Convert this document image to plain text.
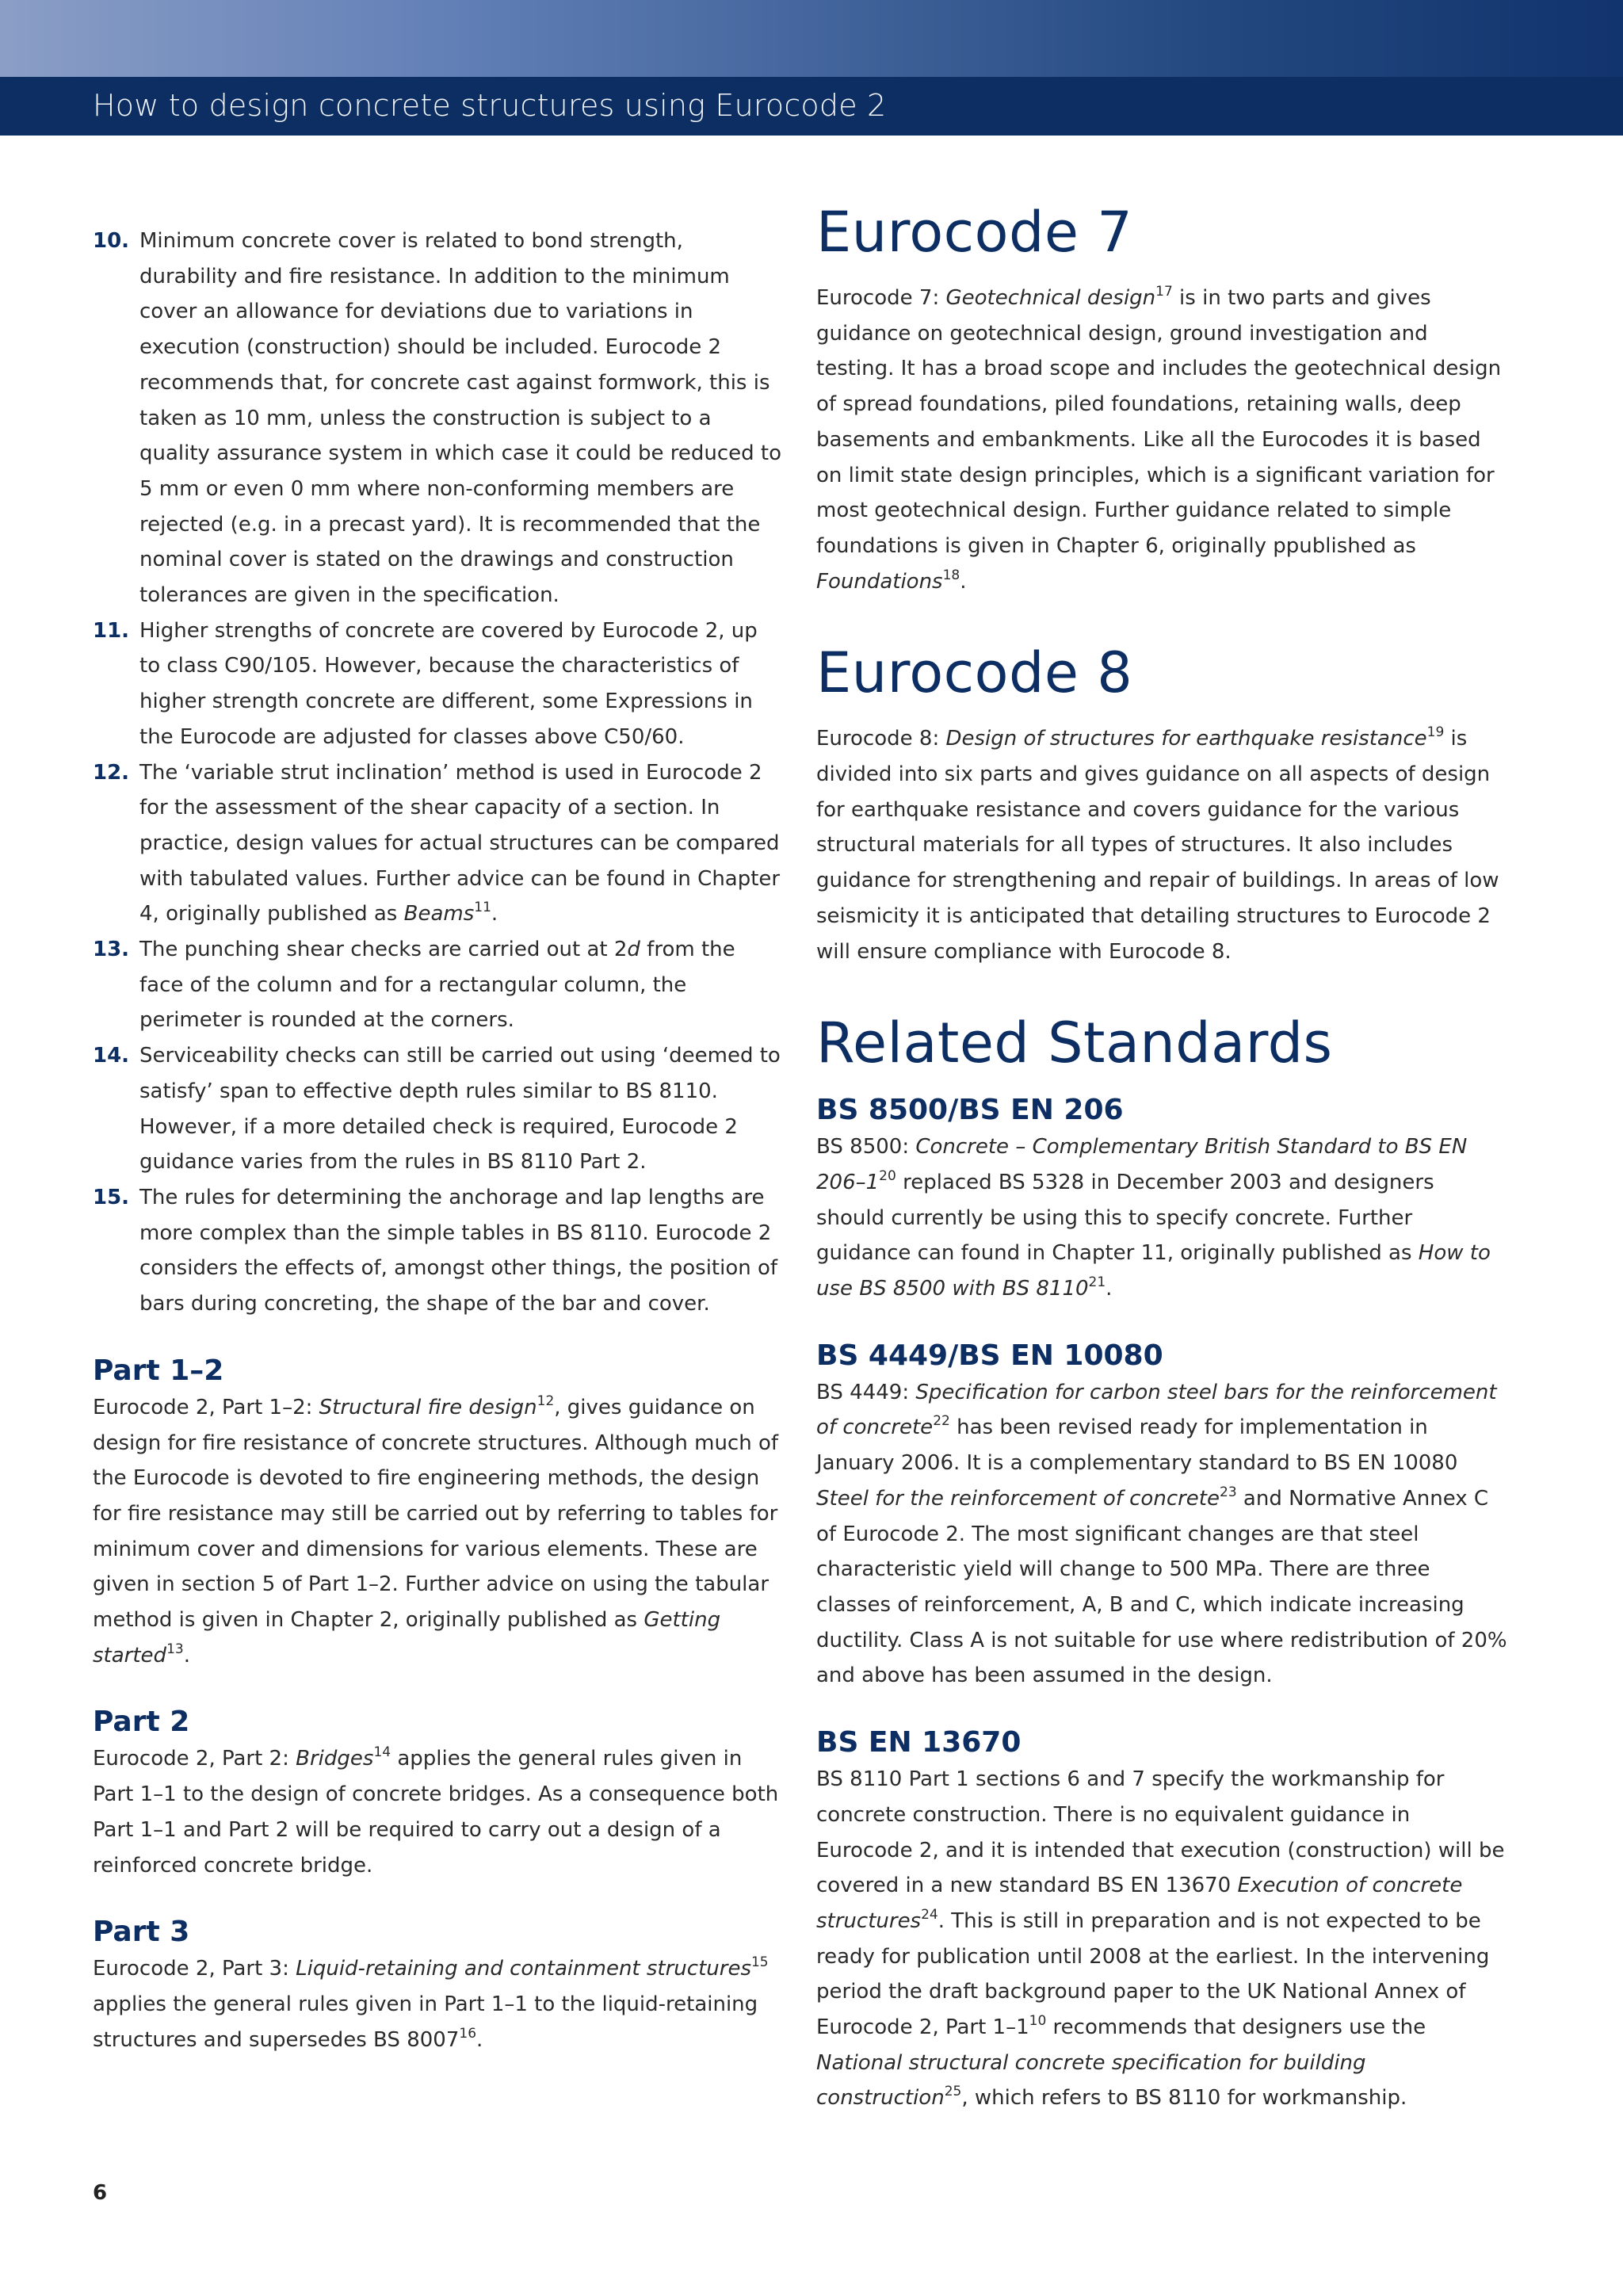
How to design concrete structures using Eurocode 2
10. Minimum concrete cover is related to bond strength, durability and fire resistance. In addition to the minimum cover an allowance for deviations due to variations in execution (construction) should be included. Eurocode 2 recommends that, for concrete cast against formwork, this is taken as 10 mm, unless the construction is subject to a quality assurance system in which case it could be reduced to 5 mm or even 0 mm where non-conforming members are rejected (e.g. in a precast yard). It is recommended that the nominal cover is stated on the drawings and construction tolerances are given in the specification.
11. Higher strengths of concrete are covered by Eurocode 2, up to class C90/105. However, because the characteristics of higher strength concrete are different, some Expressions in the Eurocode are adjusted for classes above C50/60.
12. The ‘variable strut inclination’ method is used in Eurocode 2 for the assessment of the shear capacity of a section. In practice, design values for actual structures can be compared with tabulated values. Further advice can be found in Chapter 4, originally published as Beams$^{11}$.
13. The punching shear checks are carried out at 2d from the face of the column and for a rectangular column, the perimeter is rounded at the corners.
14. Serviceability checks can still be carried out using ‘deemed to satisfy’ span to effective depth rules similar to BS 8110. However, if a more detailed check is required, Eurocode 2 guidance varies from the rules in BS 8110 Part 2.
15. The rules for determining the anchorage and lap lengths are more complex than the simple tables in BS 8110. Eurocode 2 considers the effects of, amongst other things, the position of bars during concreting, the shape of the bar and cover.
Part 1–2

Eurocode 2, Part 1–2: Structural fire design$^{12}$, gives guidance on design for fire resistance of concrete structures. Although much of the Eurocode is devoted to fire engineering methods, the design for fire resistance may still be carried out by referring to tables for minimum cover and dimensions for various elements. These are given in section 5 of Part 1–2. Further advice on using the tabular method is given in Chapter 2, originally published as Getting started$^{13}$.

Part 2

Eurocode 2, Part 2: Bridges$^{14}$ applies the general rules given in Part 1–1 to the design of concrete bridges. As a consequence both Part 1–1 and Part 2 will be required to carry out a design of a reinforced concrete bridge.

Part 3

Eurocode 2, Part 3: Liquid-retaining and containment structures$^{15}$ applies the general rules given in Part 1–1 to the liquid-retaining structures and supersedes BS 8007$^{16}$.

Eurocode 7

Eurocode 7: Geotechnical design$^{17}$ is in two parts and gives guidance on geotechnical design, ground investigation and testing. It has a broad scope and includes the geotechnical design of spread foundations, piled foundations, retaining walls, deep basements and embankments. Like all the Eurocodes it is based on limit state design principles, which is a significant variation for most geotechnical design. Further guidance related to simple foundations is given in Chapter 6, originally ppublished as Foundations$^{18}$.

Eurocode 8

Eurocode 8: Design of structures for earthquake resistance$^{19}$ is divided into six parts and gives guidance on all aspects of design for earthquake resistance and covers guidance for the various structural materials for all types of structures. It also includes guidance for strengthening and repair of buildings. In areas of low seismicity it is anticipated that detailing structures to Eurocode 2 will ensure compliance with Eurocode 8.

Related Standards
BS 8500/BS EN 206

BS 8500: Concrete – Complementary British Standard to BS EN $206-1^{20}$ replaced BS 5328 in December 2003 and designers should currently be using this to specify concrete. Further guidance can found in Chapter 11, originally published as How to use BS 8500 with BS 8110$^{21}$.

BS 4449/BS EN 10080

BS 4449: Specification for carbon steel bars for the reinforcement of concrete$^{22}$ has been revised ready for implementation in January 2006. It is a complementary standard to BS EN 10080 Steel for the reinforcement of concrete$^{23}$ and Normative Annex C of Eurocode 2. The most significant changes are that steel characteristic yield will change to 500 MPa. There are three classes of reinforcement, A, B and C, which indicate increasing ductility. Class A is not suitable for use where redistribution of 20% and above has been assumed in the design.

BS EN 13670

BS 8110 Part 1 sections 6 and 7 specify the workmanship for concrete construction. There is no equivalent guidance in Eurocode 2, and it is intended that execution (construction) will be covered in a new standard BS EN 13670 Execution of concrete structures$^{24}$. This is still in preparation and is not expected to be ready for publication until 2008 at the earliest. In the intervening period the draft background paper to the UK National Annex of Eurocode 2, Part $1-1^{10}$ recommends that designers use the National structural concrete specification for building construction$^{25}$, which refers to BS 8110 for workmanship.

6
